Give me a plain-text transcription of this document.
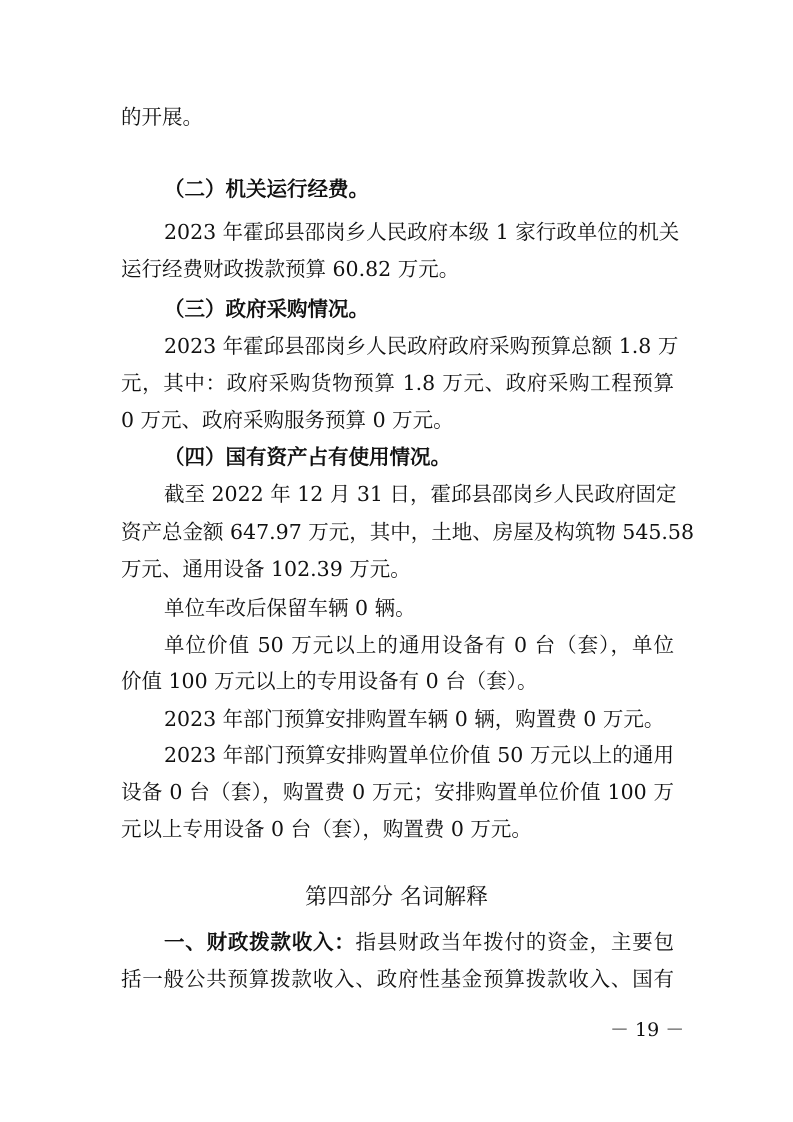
的开展。
（二）机关运行经费。
2023 年霍邱县邵岗乡人民政府本级 1 家行政单位的机关
运行经费财政拨款预算 60.82 万元。
（三）政府采购情况。
2023 年霍邱县邵岗乡人民政府政府采购预算总额 1.8 万
元，其中：政府采购货物预算 1.8 万元、政府采购工程预算
0 万元、政府采购服务预算 0 万元。
（四）国有资产占有使用情况。
截至 2022 年 12 月 31 日，霍邱县邵岗乡人民政府固定
资产总金额 647.97 万元，其中，土地、房屋及构筑物 545.58
万元、通用设备 102.39 万元。
单位车改后保留车辆 0 辆。
单位价值 50 万元以上的通用设备有 0 台（套），单位
价值 100 万元以上的专用设备有 0 台（套）。
2023 年部门预算安排购置车辆 0 辆，购置费 0 万元。
2023 年部门预算安排购置单位价值 50 万元以上的通用
设备 0 台（套），购置费 0 万元；安排购置单位价值 100 万
元以上专用设备 0 台（套），购置费 0 万元。
第四部分 名词解释
一、财政拨款收入：指县财政当年拨付的资金，主要包
括一般公共预算拨款收入、政府性基金预算拨款收入、国有
－ 19 －
